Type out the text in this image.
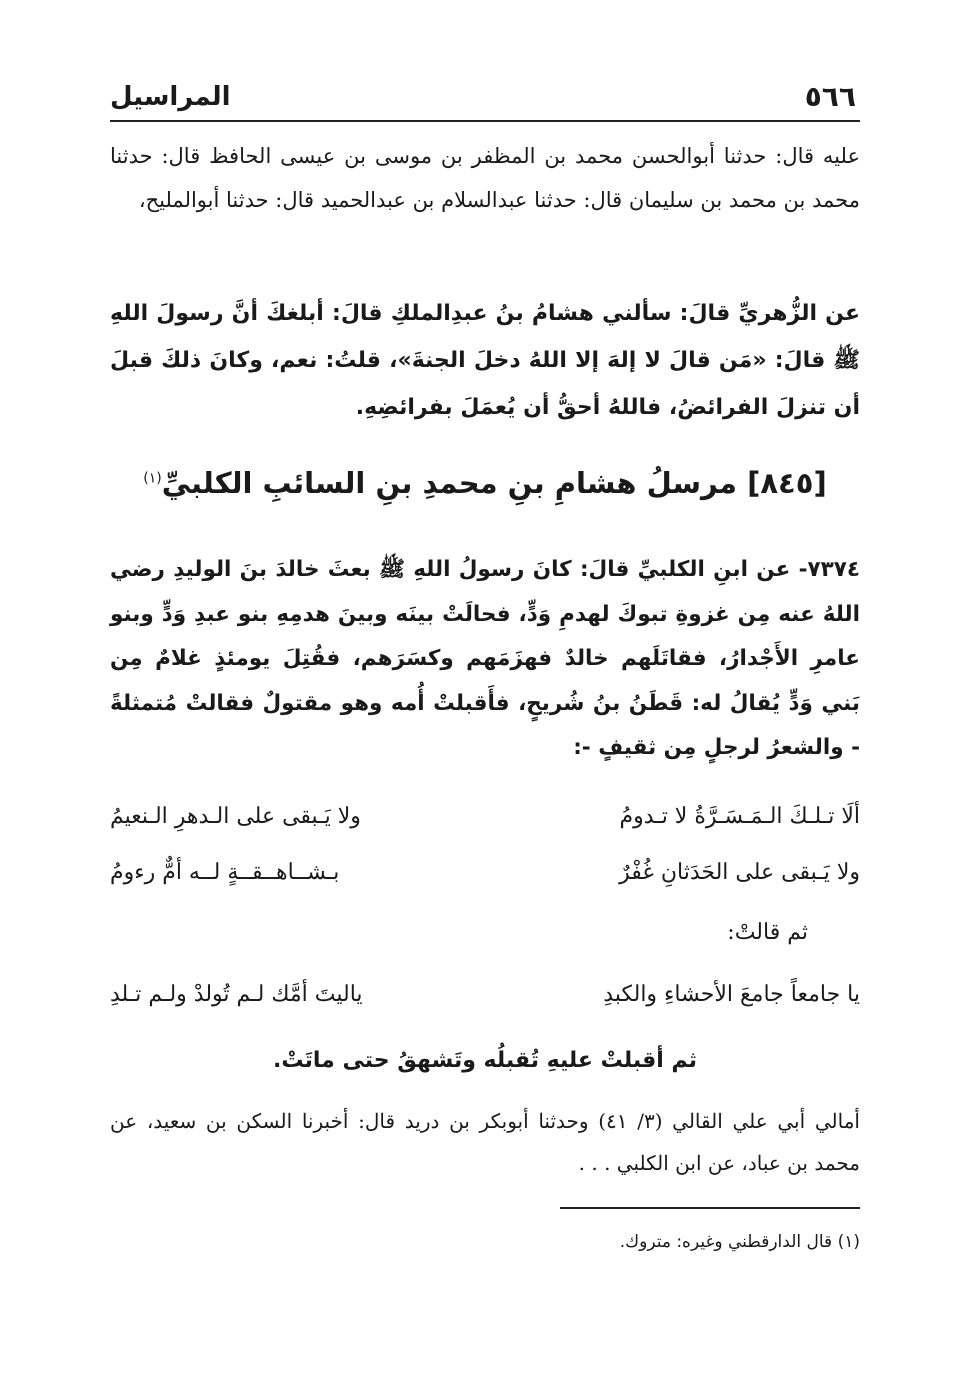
٥٦٦
المراسيل

عليه قال: حدثنا أبوالحسن محمد بن المظفر بن موسى بن عيسى الحافظ قال: حدثنا محمد بن محمد بن سليمان قال: حدثنا عبدالسلام بن عبدالحميد قال: حدثنا أبوالمليح،

عن الزُّهريِّ قالَ: سألني هشامُ بنُ عبدِالملكِ قالَ: أبلغكَ أنَّ رسولَ اللهِ ﷺ قالَ: «مَن قالَ لا إلهَ إلا اللهُ دخلَ الجنةَ»، قلتُ: نعم، وكانَ ذلكَ قبلَ أن تنزلَ الفرائضُ، فاللهُ أحقُّ أن يُعمَلَ بفرائضِهِ.

[٨٤٥] مرسلُ هشامِ بنِ محمدِ بنِ السائبِ الكلبيِّ$^{(١)}$

٧٣٧٤- عن ابنِ الكلبيِّ قالَ: كانَ رسولُ اللهِ ﷺ بعثَ خالدَ بنَ الوليدِ رضي اللهُ عنه مِن غزوةِ تبوكَ لهدمِ وَدٍّ، فحالَتْ بينَه وبينَ هدمِهِ بنو عبدِ وَدٍّ وبنو عامرِ الأَجْدارُ، فقاتَلَهم خالدٌ فهزَمَهم وكسَرَهم، فقُتِلَ يومئذٍ غلامٌ مِن بَني وَدٍّ يُقالُ له: قَطَنُ بنُ شُريحٍ، فأَقبلتْ أُمه وهو مقتولٌ فقالتْ مُتمثلةً - والشعرُ لرجلٍ مِن ثقيفٍ -:

ألَا تـلـكَ الـمَـسَـرَّةُ لا تـدومُ
ولا يَـبقى على الـدهرِ الـنعيمُ
ولا يَـبقى على الحَدَثانِ غُفْرٌ
بـشــاهــقــةٍ لــه أمٌّ رءومُ
ثم قالتْ:
يا جامعاً جامعَ الأحشاءِ والكبدِ
ياليتَ أمَّك لـم تُولدْ ولـم تـلدِ
ثم أقبلتْ عليهِ تُقبلُه وتَشهقُ حتى ماتَتْ.

أمالي أبي علي القالي (٣/ ٤١) وحدثنا أبوبكر بن دريد قال: أخبرنا السكن بن سعيد، عن محمد بن عباد، عن ابن الكلبي . . .

(١) قال الدارقطني وغيره: متروك.
